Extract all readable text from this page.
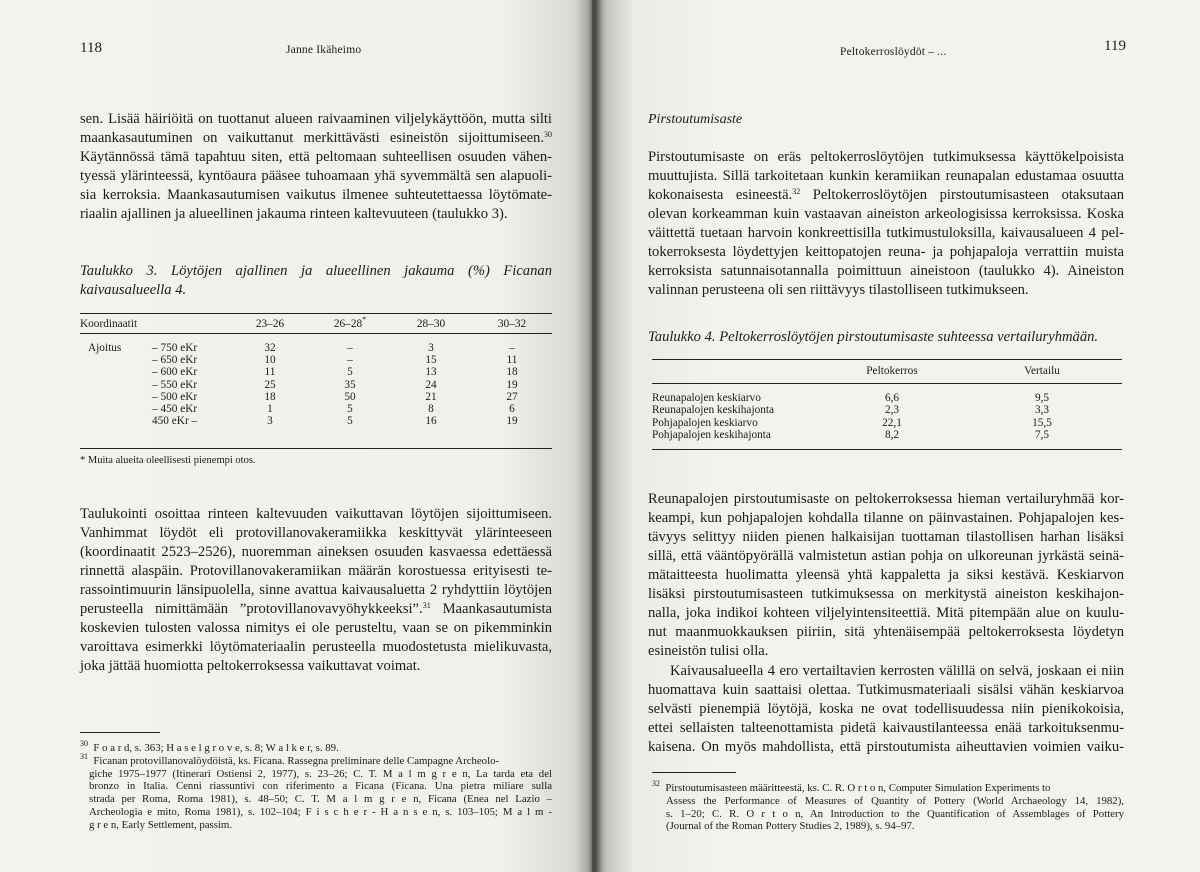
118	Janne Ikäheimo
sen. Lisää häiriöitä on tuottanut alueen raivaaminen viljelykäyttöön, mutta silti
maankasautuminen on vaikuttanut merkittävästi esineistön sijoittumiseen.$^{30}$
Käytännössä tämä tapahtuu siten, että peltomaan suhteellisen osuuden vähen-
tyessä ylärinteessä, kyntöaura pääsee tuhoamaan yhä syvemmältä sen alapuoli-
sia kerroksia. Maankasautumisen vaikutus ilmenee suhteutettaessa löytömate-
riaalin ajallinen ja alueellinen jakauma rinteen kaltevuuteen (taulukko 3).
Taulukko 3. Löytöjen ajallinen ja alueellinen jakauma (%) Ficanan
kaivausalueella 4.
Koordinaatit	23–26	26–28*	28–30	30–32

Ajoitus – 750 eKr	32	–	3	–
– 650 eKr	10	–	15	11
– 600 eKr	11	5	13	18
– 550 eKr	25	35	24	19
– 500 eKr	18	50	21	27
– 450 eKr	1	5	8	6
450 eKr –	3	5	16	19
* Muita alueita oleellisesti pienempi otos.
Taulukointi osoittaa rinteen kaltevuuden vaikuttavan löytöjen sijoittumiseen.
Vanhimmat löydöt eli protovillanovakeramiikka keskittyvät ylärinteeseen
(koordinaatit 2523–2526), nuoremman aineksen osuuden kasvaessa edettäessä
rinnettä alaspäin. Protovillanovakeramiikan määrän korostuessa erityisesti te-
rassointimuurin länsipuolella, sinne avattua kaivausaluetta 2 ryhdyttiin löytöjen
perusteella nimittämään ”protovillanovavyöhykkeeksi”.$^{31}$ Maankasautumista
koskevien tulosten valossa nimitys ei ole perusteltu, vaan se on pikemminkin
varoittava esimerkki löytömateriaalin perusteella muodostetusta mielikuvasta,
joka jättää huomiotta peltokerroksessa vaikuttavat voimat.
$^{30}$ F o a r d, s. 363; H a s e l g r o v e, s. 8; W a l k e r, s. 89.
$^{31}$ Ficanan protovillanovalöydöistä, ks. Ficana. Rassegna preliminare delle Campagne Archeolo-
giche 1975–1977 (Itinerari Ostiensi 2, 1977), s. 23–26; C. T. M a l m g r e n, La tarda eta del
bronzo in Italia. Cenni riassuntivi con riferimento a Ficana (Ficana. Una pietra miliare sulla
strada per Roma, Roma 1981), s. 48–50; C. T. M a l m g r e n, Ficana (Enea nel Lazio –
Archeologia e mito, Roma 1981), s. 102–104; F i s c h e r - H a n s e n, s. 103–105; M a l m -
g r e n, Early Settlement, passim.
Peltokerroslöydöt – ...	119
Pirstoutumisaste
Pirstoutumisaste on eräs peltokerroslöytöjen tutkimuksessa käyttökelpoisista
muuttujista. Sillä tarkoitetaan kunkin keramiikan reunapalan edustamaa osuutta
kokonaisesta esineestä.$^{32}$ Peltokerroslöytöjen pirstoutumisasteen otaksutaan
olevan korkeamman kuin vastaavan aineiston arkeologisissa kerroksissa. Koska
väittettä tuetaan harvoin konkreettisilla tutkimustuloksilla, kaivausalueen 4 pel-
tokerroksesta löydettyjen keittopatojen reuna- ja pohjapaloja verrattiin muista
kerroksista satunnaisotannalla poimittuun aineistoon (taulukko 4). Aineiston
valinnan perusteena oli sen riittävyys tilastolliseen tutkimukseen.
Taulukko 4. Peltokerroslöytöjen pirstoutumisaste suhteessa vertailuryhmään.
	Peltokerros	Vertailu

Reunapalojen keskiarvo	6,6	9,5
Reunapalojen keskihajonta	2,3	3,3
Pohjapalojen keskiarvo	22,1	15,5
Pohjapalojen keskihajonta	8,2	7,5
Reunapalojen pirstoutumisaste on peltokerroksessa hieman vertailuryhmää kor-
keampi, kun pohjapalojen kohdalla tilanne on päinvastainen. Pohjapalojen kes-
tävyys selittyy niiden pienen halkaisijan tuottaman tilastollisen harhan lisäksi
sillä, että vääntöpyörällä valmistetun astian pohja on ulkoreunan jyrkästä seinä-
mätaitteesta huolimatta yleensä yhtä kappaletta ja siksi kestävä. Keskiarvon
lisäksi pirstoutumisasteen tutkimuksessa on merkitystä aineiston keskihajon-
nalla, joka indikoi kohteen viljelyintensiteettiä. Mitä pitempään alue on kuulu-
nut maanmuokkauksen piiriin, sitä yhtenäisempää peltokerroksesta löydetyn
esineistön tulisi olla.
Kaivausalueella 4 ero vertailtavien kerrosten välillä on selvä, joskaan ei niin
huomattava kuin saattaisi olettaa. Tutkimusmateriaali sisälsi vähän keskiarvoa
selvästi pienempiä löytöjä, koska ne ovat todellisuudessa niin pienikokoisia,
ettei sellaisten talteenottamista pidetä kaivaustilanteessa enää tarkoituksenmu-
kaisena. On myös mahdollista, että pirstoutumista aiheuttavien voimien vaiku-
$^{32}$ Pirstoutumisasteen määritteestä, ks. C. R. O r t o n, Computer Simulation Experiments to
Assess the Performance of Measures of Quantity of Pottery (World Archaeology 14, 1982),
s. 1–20; C. R. O r t o n, An Introduction to the Quantification of Assemblages of Pottery
(Journal of the Roman Pottery Studies 2, 1989), s. 94–97.
